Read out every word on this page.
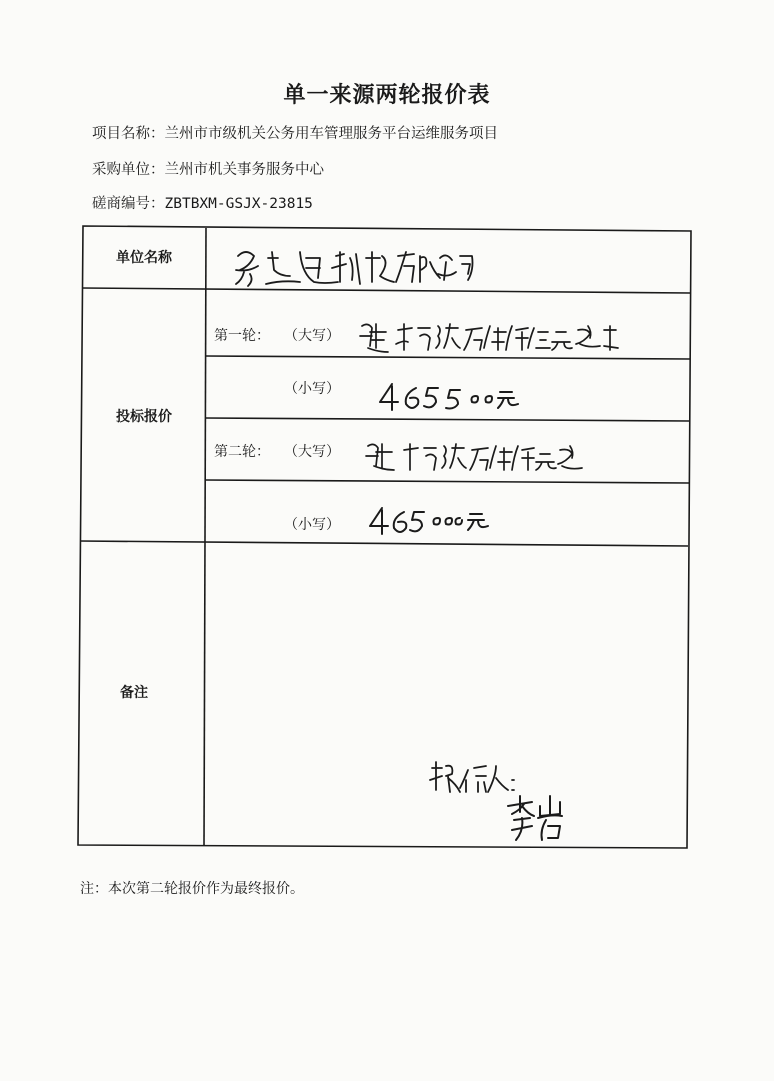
单一来源两轮报价表
项目名称：兰州市市级机关公务用车管理服务平台运维服务项目
采购单位：兰州市机关事务服务中心
磋商编号：ZBTBXM-GSJX-23815
单位名称
投标报价
备注
第一轮： （大写）
（小写）
第二轮： （大写）
（小写）
注：本次第二轮报价作为最终报价。
